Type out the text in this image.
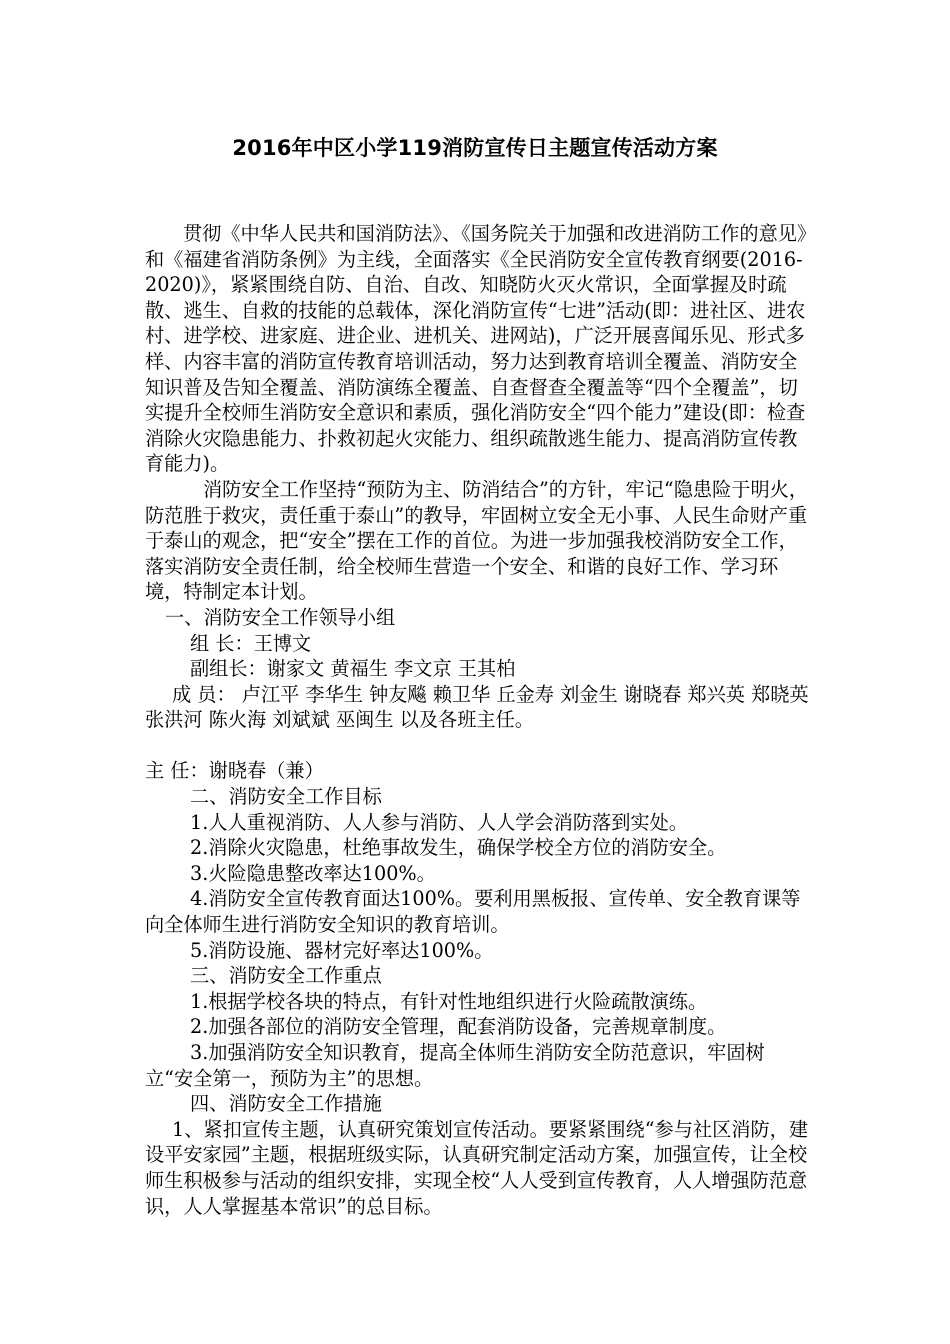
2016年中区小学119消防宣传日主题宣传活动方案

贯彻《中华人民共和国消防法》、《国务院关于加强和改进消防工作的意见》和《福建省消防条例》为主线，全面落实《全民消防安全宣传教育纲要(2016-2020)》，紧紧围绕自防、自治、自改、知晓防火灭火常识，全面掌握及时疏散、逃生、自救的技能的总载体，深化消防宣传“七进”活动(即：进社区、进农村、进学校、进家庭、进企业、进机关、进网站)，广泛开展喜闻乐见、形式多样、内容丰富的消防宣传教育培训活动，努力达到教育培训全覆盖、消防安全知识普及告知全覆盖、消防演练全覆盖、自查督查全覆盖等“四个全覆盖”，切实提升全校师生消防安全意识和素质，强化消防安全“四个能力”建设(即：检查消除火灾隐患能力、扑救初起火灾能力、组织疏散逃生能力、提高消防宣传教育能力)。

消防安全工作坚持“预防为主、防消结合”的方针，牢记“隐患险于明火，防范胜于救灾，责任重于泰山”的教导，牢固树立安全无小事、人民生命财产重于泰山的观念，把“安全”摆在工作的首位。为进一步加强我校消防安全工作，落实消防安全责任制，给全校师生营造一个安全、和谐的良好工作、学习环境，特制定本计划。

一、消防安全工作领导小组

组 长：王博文

副组长：谢家文 黄福生 李文京 王其柏

成 员： 卢江平 李华生 钟友飚 赖卫华 丘金寿 刘金生 谢晓春 郑兴英 郑晓英 张洪河 陈火海 刘斌斌 巫闽生 以及各班主任。

主 任：谢晓春（兼）

二、消防安全工作目标

1.人人重视消防、人人参与消防、人人学会消防落到实处。

2.消除火灾隐患，杜绝事故发生，确保学校全方位的消防安全。

3.火险隐患整改率达100%。

4.消防安全宣传教育面达100%。要利用黑板报、宣传单、安全教育课等向全体师生进行消防安全知识的教育培训。

5.消防设施、器材完好率达100%。

三、消防安全工作重点

1.根据学校各块的特点，有针对性地组织进行火险疏散演练。

2.加强各部位的消防安全管理，配套消防设备，完善规章制度。

3.加强消防安全知识教育，提高全体师生消防安全防范意识，牢固树立“安全第一，预防为主”的思想。

四、消防安全工作措施

1、紧扣宣传主题，认真研究策划宣传活动。要紧紧围绕“参与社区消防，建设平安家园”主题，根据班级实际，认真研究制定活动方案，加强宣传，让全校师生积极参与活动的组织安排，实现全校“人人受到宣传教育，人人增强防范意识，人人掌握基本常识”的总目标。
